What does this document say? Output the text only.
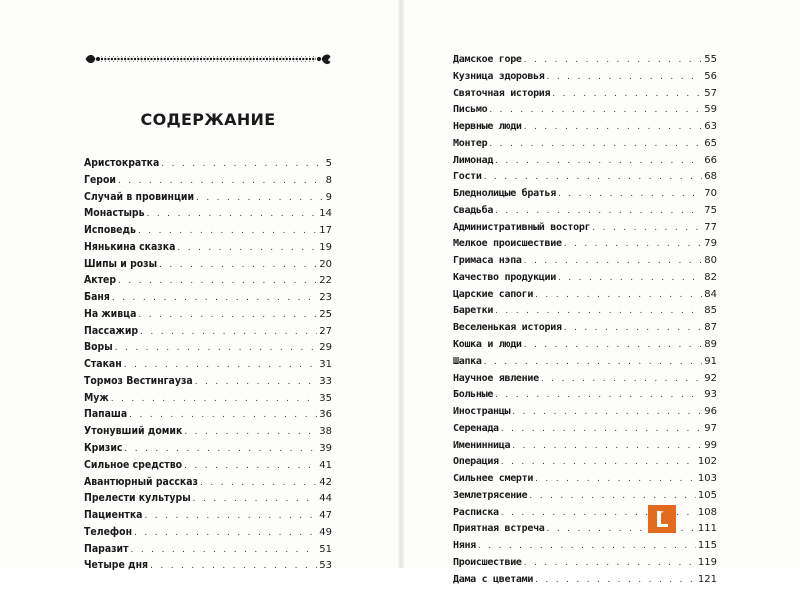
СОДЕРЖАНИЕ
Аристократка . . .	5
Герои . . .	8
Случай в провинции . . .	9
Монастырь . . .	14
Исповедь . . .	17
Нянькина сказка . . .	19
Шипы и розы . . .	20
Актер . . .	22
Баня . . .	23
На живца . . .	25
Пассажир . . .	27
Воры . . .	29
Стакан . . .	31
Тормоз Вестингауза . . .	33
Муж . . .	35
Папаша . . .	36
Утонувший домик . . .	38
Кризис . . .	39
Сильное средство . . .	41
Авантюрный рассказ . . .	42
Прелести культуры . . .	44
Пациентка . . .	47
Телефон . . .	49
Паразит . . .	51
Четыре дня . . .	53
Дамское горе . . .	55
Кузница здоровья . . .	56
Святочная история . . .	57
Письмо . . .	59
Нервные люди . . .	63
Монтер . . .	65
Лимонад . . .	66
Гости . . .	68
Бледнолицые братья . . .	70
Свадьба . . .	75
Административный восторг . . .	77
Мелкое происшествие . . .	79
Гримаса нэпа . . .	80
Качество продукции . . .	82
Царские сапоги . . .	84
Баретки . . .	85
Веселенькая история . . .	87
Кошка и люди . . .	89
Шапка . . .	91
Научное явление . . .	92
Больные . . .	93
Иностранцы . . .	96
Серенада . . .	97
Именинница . . .	99
Операция . . .	102
Сильнее смерти . . .	103
Землетрясение . . .	105
Расписка . . .	108
Приятная встреча . . .	111
Няня . . .	115
Происшествие . . .	119
Дама с цветами . . .	121
